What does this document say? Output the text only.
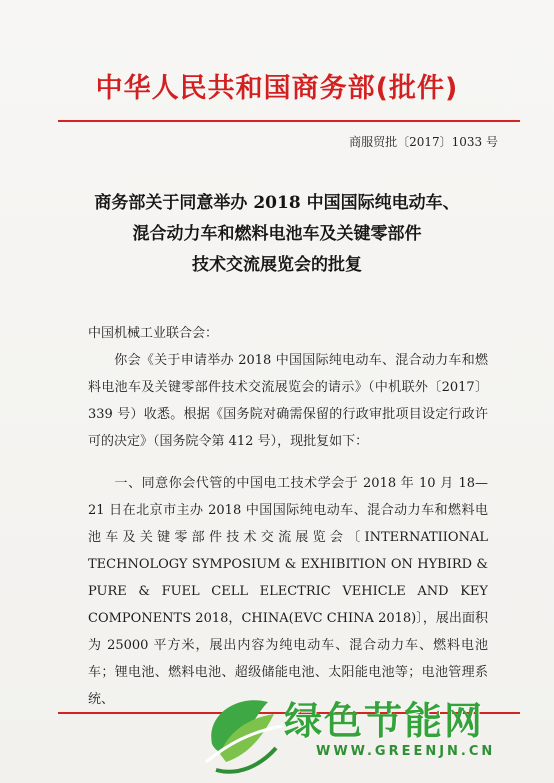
中华人民共和国商务部(批件)
商服贸批〔2017〕1033 号
商务部关于同意举办 2018 中国国际纯电动车、
混合动力车和燃料电池车及关键零部件
技术交流展览会的批复
中国机械工业联合会：
你会《关于申请举办 2018 中国国际纯电动车、混合动力车和燃料电池车及关键零部件技术交流展览会的请示》（中机联外〔2017〕339 号）收悉。根据《国务院对确需保留的行政审批项目设定行政许可的决定》（国务院令第 412 号），现批复如下：
一、同意你会代管的中国电工技术学会于 2018 年 10 月 18—21 日在北京市主办 2018 中国国际纯电动车、混合动力车和燃料电池车及关键零部件技术交流展览会〔INTERNATIIONAL TECHNOLOGY SYMPOSIUM & EXHIBITION ON HYBIRD & PURE & FUEL CELL ELECTRIC VEHICLE AND KEY COMPONENTS 2018，CHINA(EVC CHINA 2018)〕，展出面积为 25000 平方米，展出内容为纯电动车、混合动力车、燃料电池车；锂电池、燃料电池、超级储能电池、太阳能电池等；电池管理系统、	绿色节能网
WWW.GREENJN.CN
